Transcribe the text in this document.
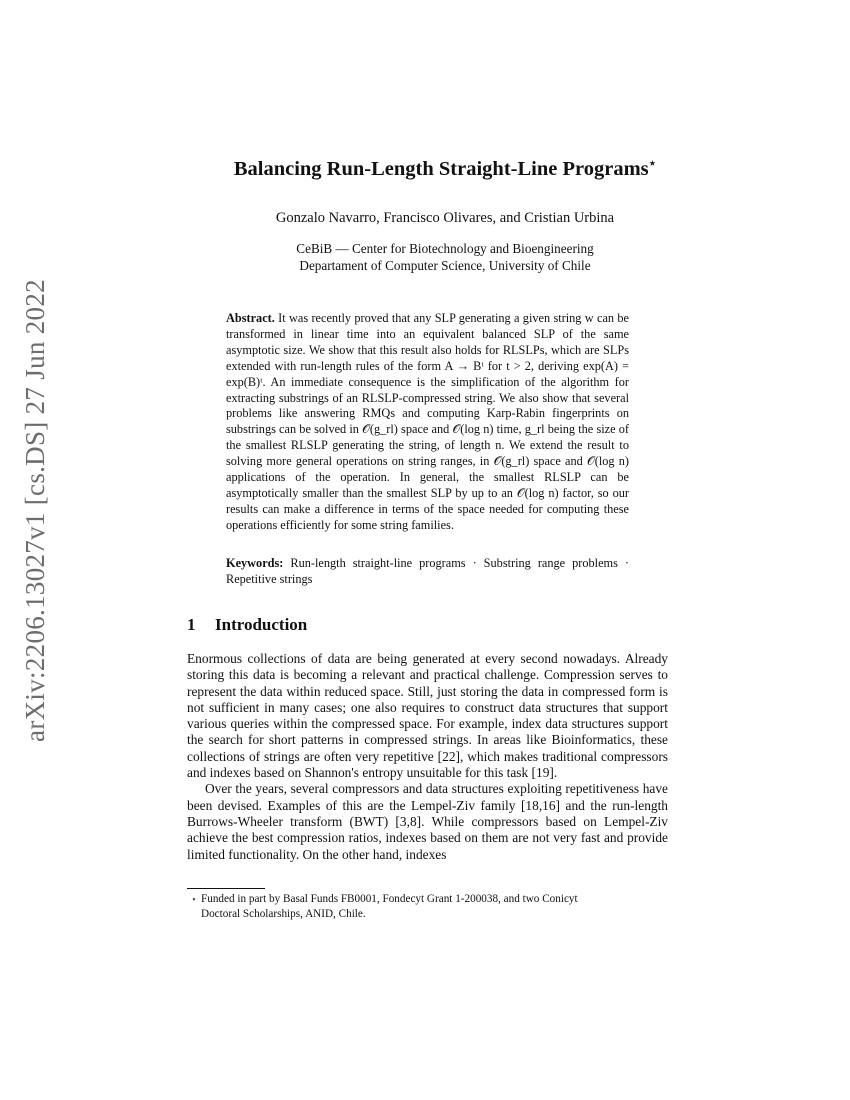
arXiv:2206.13027v1 [cs.DS] 27 Jun 2022
Balancing Run-Length Straight-Line Programs⋆
Gonzalo Navarro, Francisco Olivares, and Cristian Urbina
CeBiB — Center for Biotechnology and Bioengineering
Departament of Computer Science, University of Chile
Abstract. It was recently proved that any SLP generating a given string w can be transformed in linear time into an equivalent balanced SLP of the same asymptotic size. We show that this result also holds for RLSLPs, which are SLPs extended with run-length rules of the form A → Bᵗ for t > 2, deriving exp(A) = exp(B)ᵗ. An immediate consequence is the simplification of the algorithm for extracting substrings of an RLSLP-compressed string. We also show that several problems like answering RMQs and computing Karp-Rabin fingerprints on substrings can be solved in 𝒪(g_rl) space and 𝒪(log n) time, g_rl being the size of the smallest RLSLP generating the string, of length n. We extend the result to solving more general operations on string ranges, in 𝒪(g_rl) space and 𝒪(log n) applications of the operation. In general, the smallest RLSLP can be asymptotically smaller than the smallest SLP by up to an 𝒪(log n) factor, so our results can make a difference in terms of the space needed for computing these operations efficiently for some string families.
Keywords: Run-length straight-line programs · Substring range problems · Repetitive strings
1 Introduction

Enormous collections of data are being generated at every second nowadays. Already storing this data is becoming a relevant and practical challenge. Compression serves to represent the data within reduced space. Still, just storing the data in compressed form is not sufficient in many cases; one also requires to construct data structures that support various queries within the compressed space. For example, index data structures support the search for short patterns in compressed strings. In areas like Bioinformatics, these collections of strings are often very repetitive [22], which makes traditional compressors and indexes based on Shannon's entropy unsuitable for this task [19].

Over the years, several compressors and data structures exploiting repetitiveness have been devised. Examples of this are the Lempel-Ziv family [18,16] and the run-length Burrows-Wheeler transform (BWT) [3,8]. While compressors based on Lempel-Ziv achieve the best compression ratios, indexes based on them are not very fast and provide limited functionality. On the other hand, indexes

⋆ Funded in part by Basal Funds FB0001, Fondecyt Grant 1-200038, and two Conicyt
Doctoral Scholarships, ANID, Chile.
